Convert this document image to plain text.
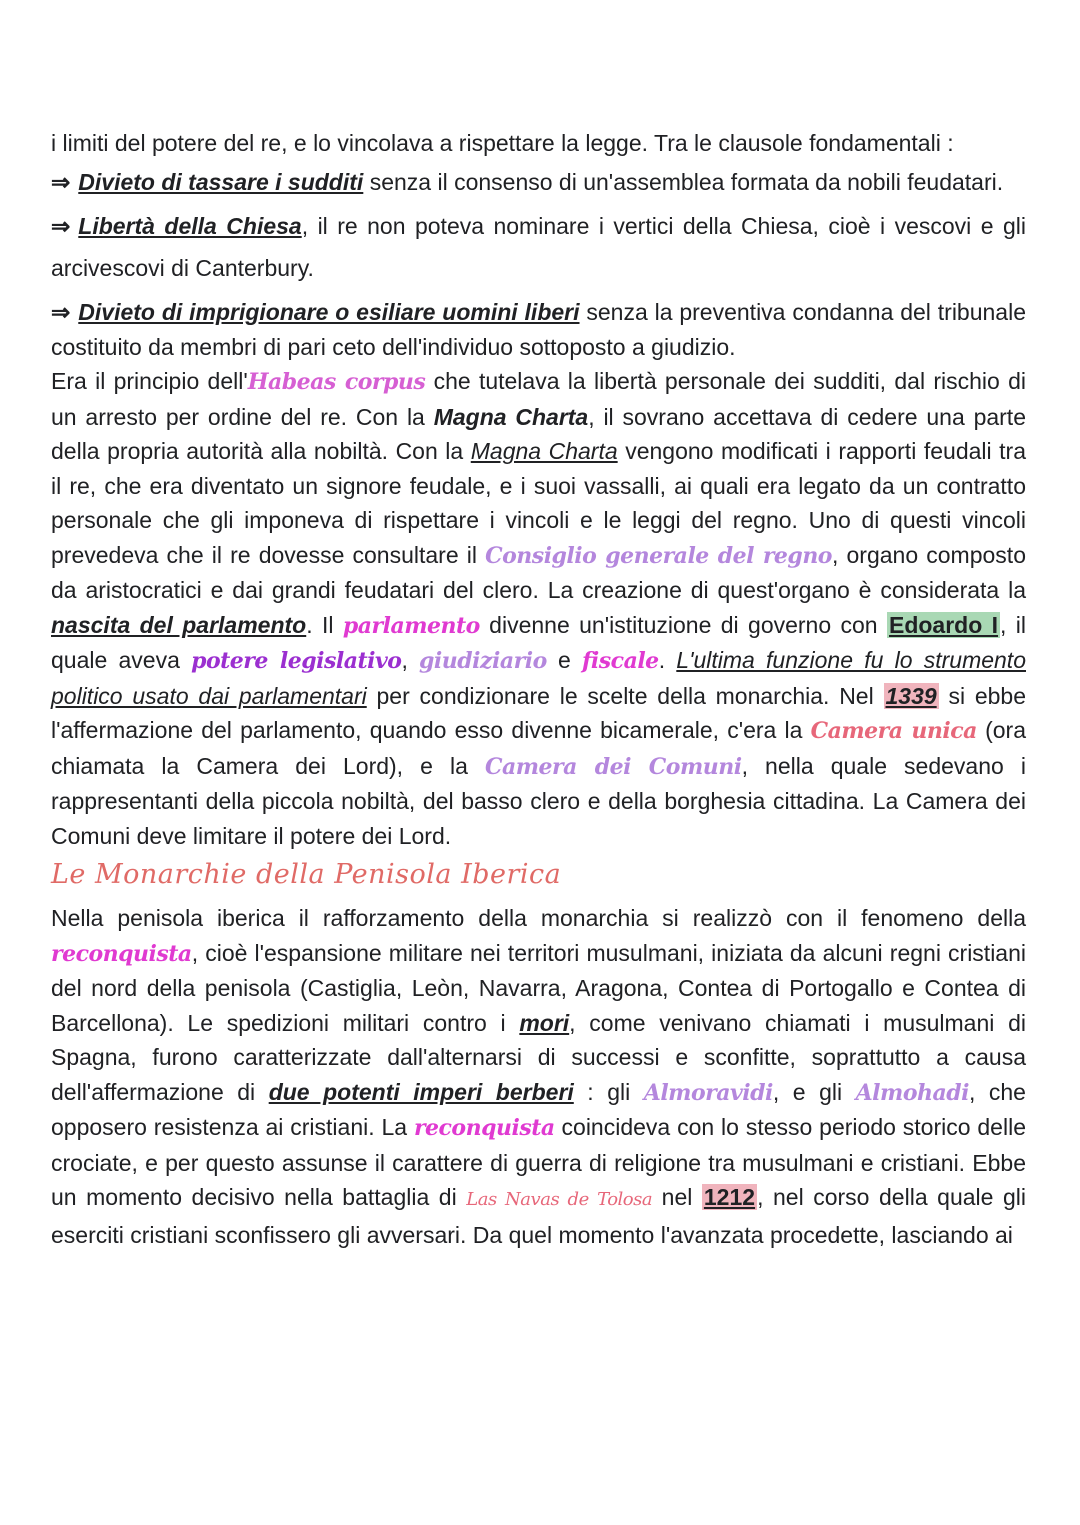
i limiti del potere del re, e lo vincolava a rispettare la legge. Tra le clausole fondamentali :

⇒ Divieto di tassare i sudditi senza il consenso di un'assemblea formata da nobili feudatari.

⇒ Libertà della Chiesa, il re non poteva nominare i vertici della Chiesa, cioè i vescovi e gli arcivescovi di Canterbury.

⇒ Divieto di imprigionare o esiliare uomini liberi senza la preventiva condanna del tribunale costituito da membri di pari ceto dell'individuo sottoposto a giudizio.

Era il principio dell'Habeas corpus che tutelava la libertà personale dei sudditi, dal rischio di un arresto per ordine del re. Con la Magna Charta, il sovrano accettava di cedere una parte della propria autorità alla nobiltà. Con la Magna Charta vengono modificati i rapporti feudali tra il re, che era diventato un signore feudale, e i suoi vassalli, ai quali era legato da un contratto personale che gli imponeva di rispettare i vincoli e le leggi del regno. Uno di questi vincoli prevedeva che il re dovesse consultare il Consiglio generale del regno, organo composto da aristocratici e dai grandi feudatari del clero. La creazione di quest'organo è considerata la nascita del parlamento. Il parlamento divenne un'istituzione di governo con Edoardo I, il quale aveva potere legislativo, giudiziario e fiscale. L'ultima funzione fu lo strumento politico usato dai parlamentari per condizionare le scelte della monarchia. Nel 1339 si ebbe l'affermazione del parlamento, quando esso divenne bicamerale, c'era la Camera unica (ora chiamata la Camera dei Lord), e la Camera dei Comuni, nella quale sedevano i rappresentanti della piccola nobiltà, del basso clero e della borghesia cittadina. La Camera dei Comuni deve limitare il potere dei Lord.

Le Monarchie della Penisola Iberica

Nella penisola iberica il rafforzamento della monarchia si realizzò con il fenomeno della reconquista, cioè l'espansione militare nei territori musulmani, iniziata da alcuni regni cristiani del nord della penisola (Castiglia, Leòn, Navarra, Aragona, Contea di Portogallo e Contea di Barcellona). Le spedizioni militari contro i mori, come venivano chiamati i musulmani di Spagna, furono caratterizzate dall'alternarsi di successi e sconfitte, soprattutto a causa dell'affermazione di due potenti imperi berberi : gli Almoravidi, e gli Almohadi, che opposero resistenza ai cristiani. La reconquista coincideva con lo stesso periodo storico delle crociate, e per questo assunse il carattere di guerra di religione tra musulmani e cristiani. Ebbe un momento decisivo nella battaglia di Las Navas de Tolosa nel 1212, nel corso della quale gli eserciti cristiani sconfissero gli avversari. Da quel momento l'avanzata procedette, lasciando ai
